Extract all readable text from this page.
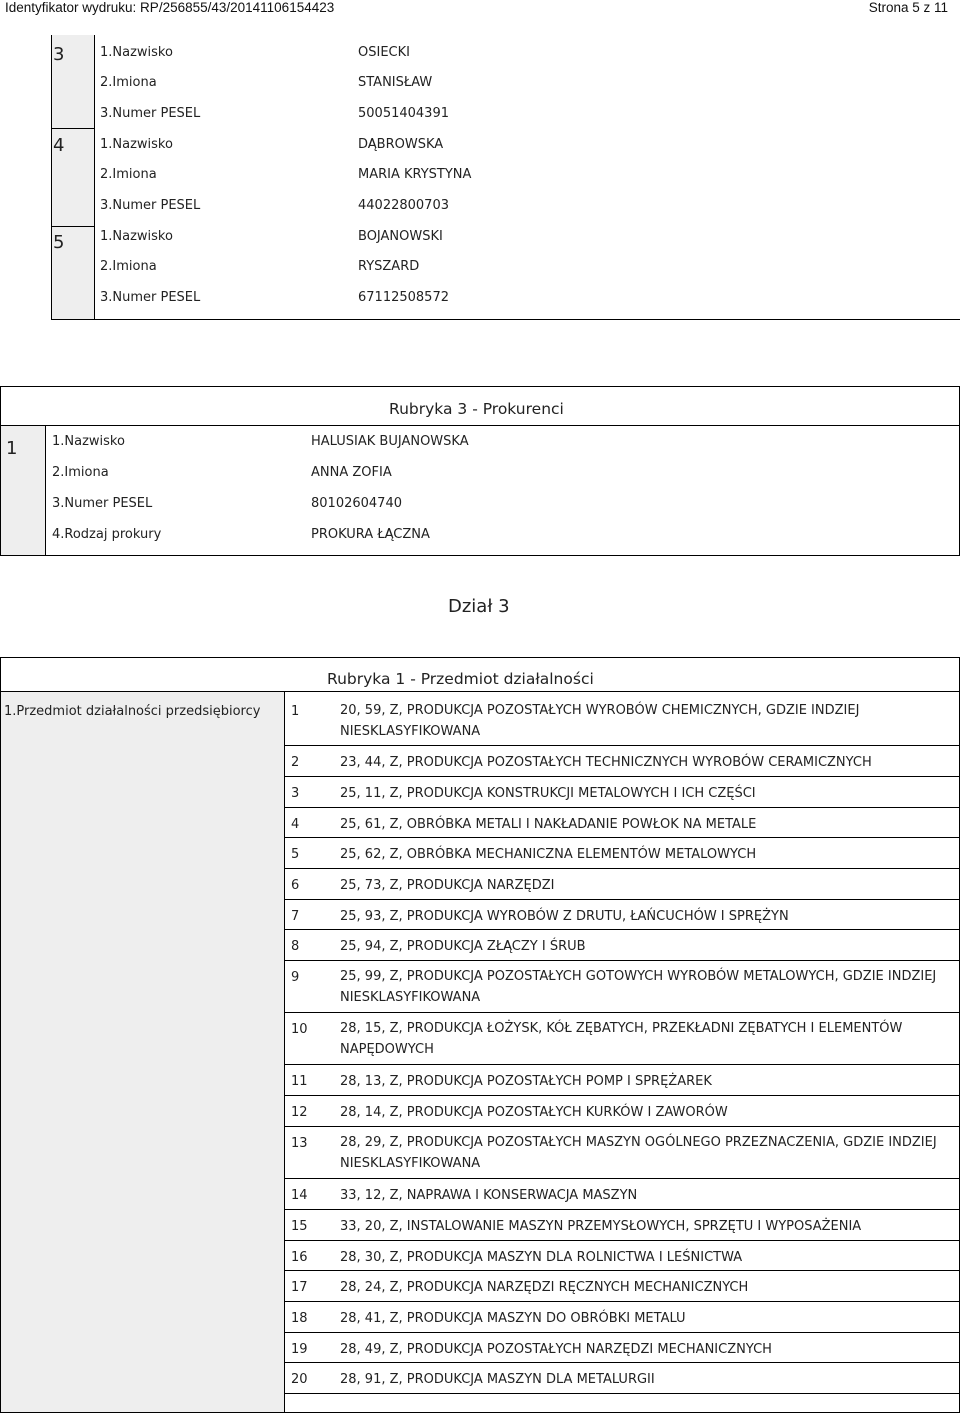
Identyfikator wydruku: RP/256855/43/20141106154423	Strona 5 z 11
3	1.Nazwisko	OSIECKI
2.Imiona	STANISŁAW
3.Numer PESEL	50051404391
4	1.Nazwisko	DĄBROWSKA
2.Imiona	MARIA KRYSTYNA
3.Numer PESEL	44022800703
5	1.Nazwisko	BOJANOWSKI
2.Imiona	RYSZARD
3.Numer PESEL	67112508572
Rubryka 3 - Prokurenci
1	1.Nazwisko	HALUSIAK BUJANOWSKA
2.Imiona	ANNA ZOFIA
3.Numer PESEL	80102604740
4.Rodzaj prokury	PROKURA ŁĄCZNA
Dział 3
Rubryka 1 - Przedmiot działalności
1.Przedmiot działalności przedsiębiorcy 1	20, 59, Z, PRODUKCJA POZOSTAŁYCH WYROBÓW CHEMICZNYCH, GDZIE INDZIEJ NIESKLASYFIKOWANA
2	23, 44, Z, PRODUKCJA POZOSTAŁYCH TECHNICZNYCH WYROBÓW CERAMICZNYCH
3	25, 11, Z, PRODUKCJA KONSTRUKCJI METALOWYCH I ICH CZĘŚCI
4	25, 61, Z, OBRÓBKA METALI I NAKŁADANIE POWŁOK NA METALE
5	25, 62, Z, OBRÓBKA MECHANICZNA ELEMENTÓW METALOWYCH
6	25, 73, Z, PRODUKCJA NARZĘDZI
7	25, 93, Z, PRODUKCJA WYROBÓW Z DRUTU, ŁAŃCUCHÓW I SPRĘŻYN
8	25, 94, Z, PRODUKCJA ZŁĄCZY I ŚRUB
9	25, 99, Z, PRODUKCJA POZOSTAŁYCH GOTOWYCH WYROBÓW METALOWYCH, GDZIE INDZIEJ NIESKLASYFIKOWANA
10 28, 15, Z, PRODUKCJA ŁOŻYSK, KÓŁ ZĘBATYCH, PRZEKŁADNI ZĘBATYCH I ELEMENTÓW NAPĘDOWYCH
11 28, 13, Z, PRODUKCJA POZOSTAŁYCH POMP I SPRĘŻAREK
12 28, 14, Z, PRODUKCJA POZOSTAŁYCH KURKÓW I ZAWORÓW
13 28, 29, Z, PRODUKCJA POZOSTAŁYCH MASZYN OGÓLNEGO PRZEZNACZENIA, GDZIE INDZIEJ NIESKLASYFIKOWANA
14 33, 12, Z, NAPRAWA I KONSERWACJA MASZYN
15 33, 20, Z, INSTALOWANIE MASZYN PRZEMYSŁOWYCH, SPRZĘTU I WYPOSAŻENIA
16 28, 30, Z, PRODUKCJA MASZYN DLA ROLNICTWA I LEŚNICTWA
17 28, 24, Z, PRODUKCJA NARZĘDZI RĘCZNYCH MECHANICZNYCH
18 28, 41, Z, PRODUKCJA MASZYN DO OBRÓBKI METALU
19 28, 49, Z, PRODUKCJA POZOSTAŁYCH NARZĘDZI MECHANICZNYCH
20 28, 91, Z, PRODUKCJA MASZYN DLA METALURGII
